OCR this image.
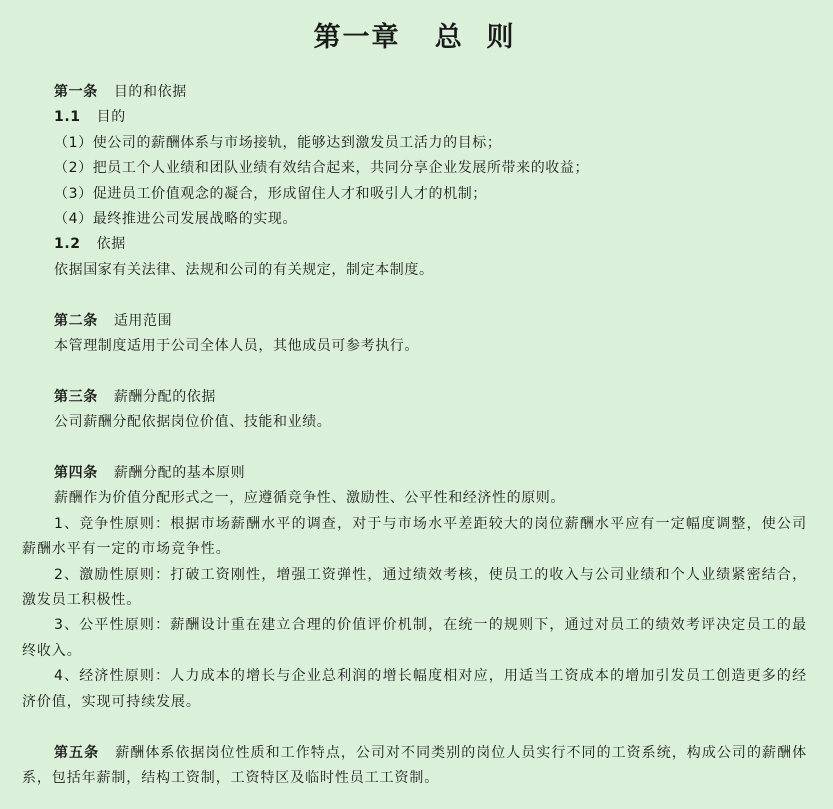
第一章   总  则
第一条 目的和依据
1.1 目的
（1）使公司的薪酬体系与市场接轨，能够达到激发员工活力的目标；
（2）把员工个人业绩和团队业绩有效结合起来，共同分享企业发展所带来的收益；
（3）促进员工价值观念的凝合，形成留住人才和吸引人才的机制；
（4）最终推进公司发展战略的实现。
1.2 依据
依据国家有关法律、法规和公司的有关规定，制定本制度。
第二条 适用范围
本管理制度适用于公司全体人员，其他成员可参考执行。
第三条 薪酬分配的依据
公司薪酬分配依据岗位价值、技能和业绩。
第四条 薪酬分配的基本原则
薪酬作为价值分配形式之一，应遵循竞争性、激励性、公平性和经济性的原则。
1、竞争性原则：根据市场薪酬水平的调查，对于与市场水平差距较大的岗位薪酬水平应有一定幅度调整，使公司薪酬水平有一定的市场竞争性。
2、激励性原则：打破工资刚性，增强工资弹性，通过绩效考核，使员工的收入与公司业绩和个人业绩紧密结合，激发员工积极性。
3、公平性原则：薪酬设计重在建立合理的价值评价机制，在统一的规则下，通过对员工的绩效考评决定员工的最终收入。
4、经济性原则：人力成本的增长与企业总利润的增长幅度相对应，用适当工资成本的增加引发员工创造更多的经济价值，实现可持续发展。
第五条 薪酬体系依据岗位性质和工作特点，公司对不同类别的岗位人员实行不同的工资系统，构成公司的薪酬体系，包括年薪制，结构工资制，工资特区及临时性员工工资制。
